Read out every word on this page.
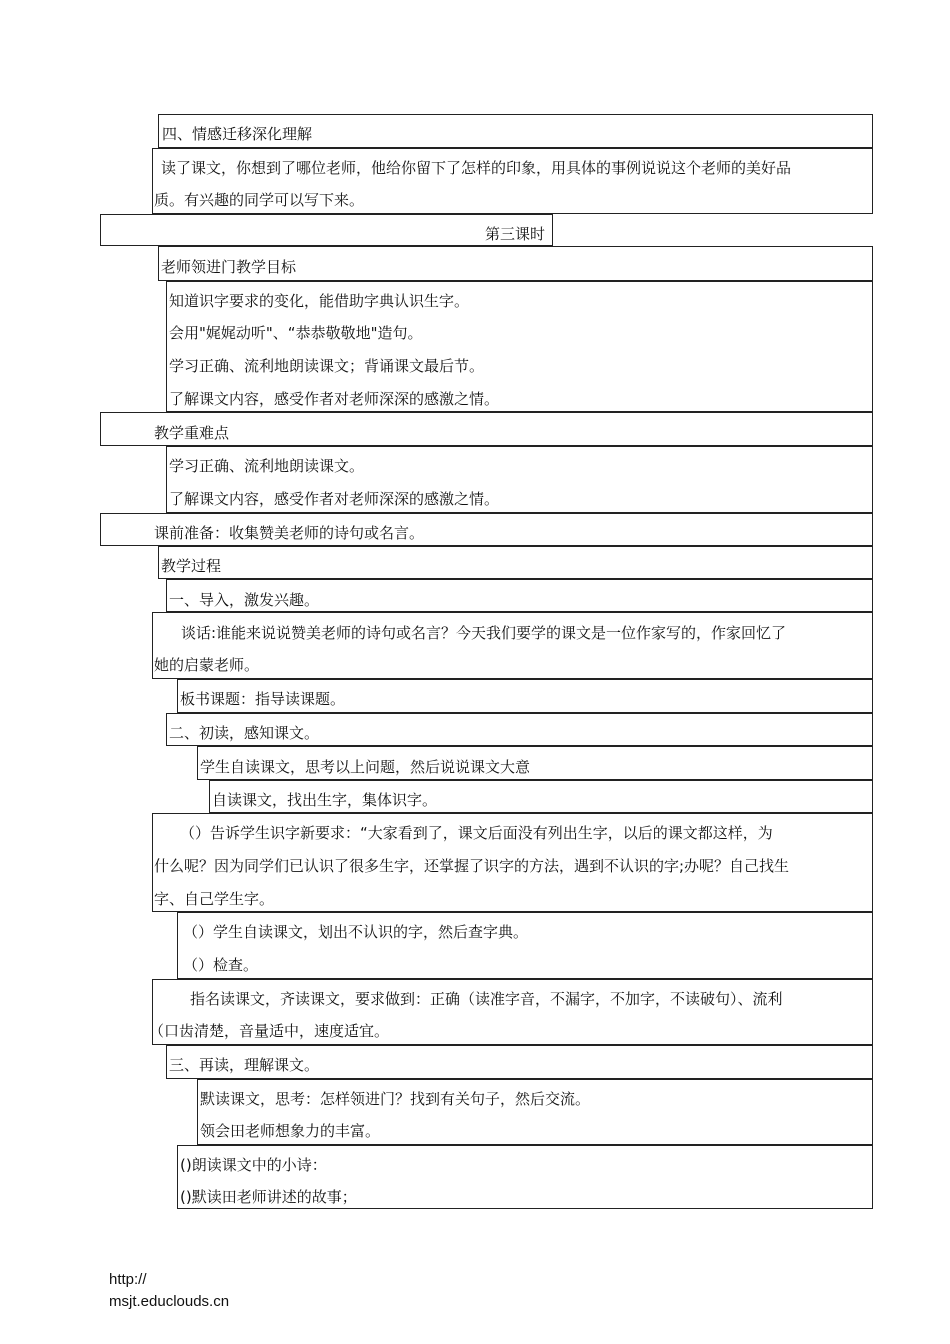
四、情感迁移深化理解
读了课文，你想到了哪位老师，他给你留下了怎样的印象，用具体的事例说说这个老师的美好品
质。有兴趣的同学可以写下来。
第三课时
老师领进门教学目标
知道识字要求的变化，能借助字典认识生字。
会用"娓娓动听"、“恭恭敬敬地"造句。
学习正确、流利地朗读课文；背诵课文最后节。
了解课文内容，感受作者对老师深深的感激之情。
教学重难点
学习正确、流利地朗读课文。
了解课文内容，感受作者对老师深深的感激之情。
课前准备：收集赞美老师的诗句或名言。
教学过程
一、导入，激发兴趣。
谈话:谁能来说说赞美老师的诗句或名言？今天我们要学的课文是一位作家写的，作家回忆了
她的启蒙老师。
板书课题：指导读课题。
二、初读，感知课文。
学生自读课文，思考以上问题，然后说说课文大意
自读课文，找出生字，集体识字。
（）告诉学生识字新要求：“大家看到了，课文后面没有列出生字，以后的课文都这样，为
什么呢？因为同学们已认识了很多生字，还掌握了识字的方法，遇到不认识的字;办呢？自己找生
字、自己学生字。
（）学生自读课文，划出不认识的字，然后查字典。
（）检查。
指名读课文，齐读课文，要求做到：正确（读准字音，不漏字，不加字，不读破句）、流利
（口齿清楚，音量适中，速度适宜。
三、再读，理解课文。
默读课文，思考：怎样领进门？找到有关句子，然后交流。
领会田老师想象力的丰富。
()朗读课文中的小诗：
()默读田老师讲述的故事；
http://
msjt.educlouds.cn
